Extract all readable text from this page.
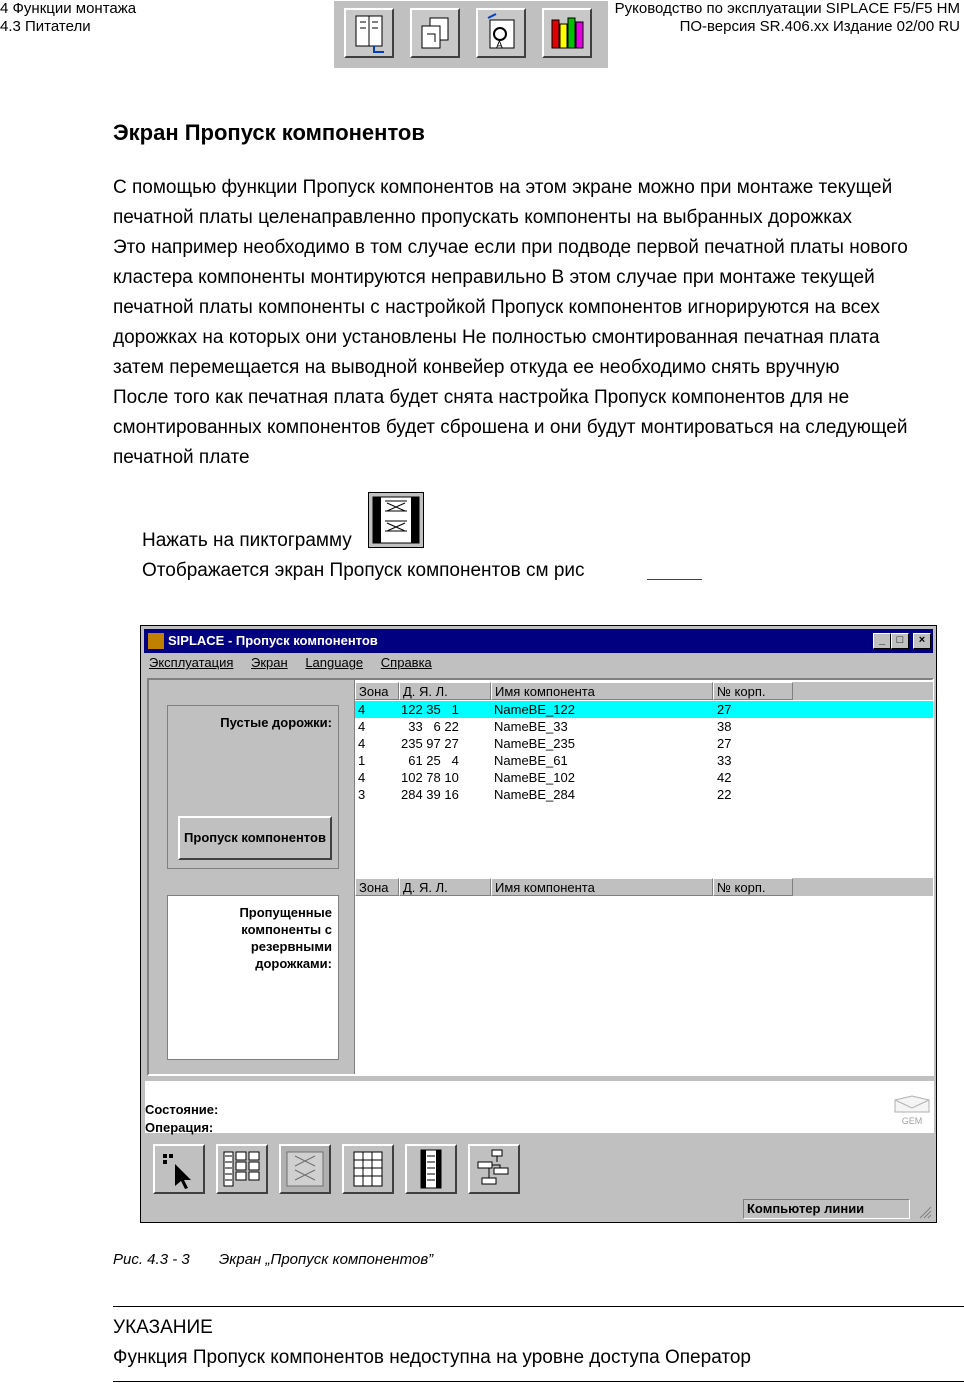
4 Функции монтажа
4.3 Питатели
Руководство по эксплуатации SIPLACE F5/F5 HM
ПО-версия SR.406.xx Издание 02/00 RU
A
Экран Пропуск компонентов
С помощью функции Пропуск компонентов на этом экране можно при монтаже текущей
печатной платы целенаправленно пропускать компоненты на выбранных дорожках
Это например необходимо в том случае если при подводе первой печатной платы нового
кластера компоненты монтируются неправильно В этом случае при монтаже текущей
печатной платы компоненты с настройкой Пропуск компонентов игнорируются на всех
дорожках на которых они установлены Не полностью смонтированная печатная плата
затем перемещается на выводной конвейер откуда ее необходимо снять вручную
После того как печатная плата будет снята настройка Пропуск компонентов для не
смонтированных компонентов будет сброшена и они будут монтироваться на следующей
печатной плате
Нажать на пиктограмму
Отображается экран Пропуск компонентов см рис
SIPLACE - Пропуск компонентов	_	□	×
Эксплуатация Экран Language Справка
Пустые дорожки:
Пропуск компонентов
Пропущенные
компоненты с
резервными
дорожками:
Зона	Д. Я. Л.	Имя компонента	№ корп.
4	122 35   1	NameBE_122	27
4	33   6 22	NameBE_33	38
4	235 97 27	NameBE_235	27
1	61 25   4	NameBE_61	33
4	102 78 10	NameBE_102	42
3	284 39 16	NameBE_284	22
Зона	Д. Я. Л.	Имя компонента	№ корп.
Состояние:
Операция:	GEM
Компьютер линии
Рис. 4.3 - 3       Экран „Пропуск компонентов”
УКАЗАНИЕ
Функция Пропуск компонентов недоступна на уровне доступа Оператор
